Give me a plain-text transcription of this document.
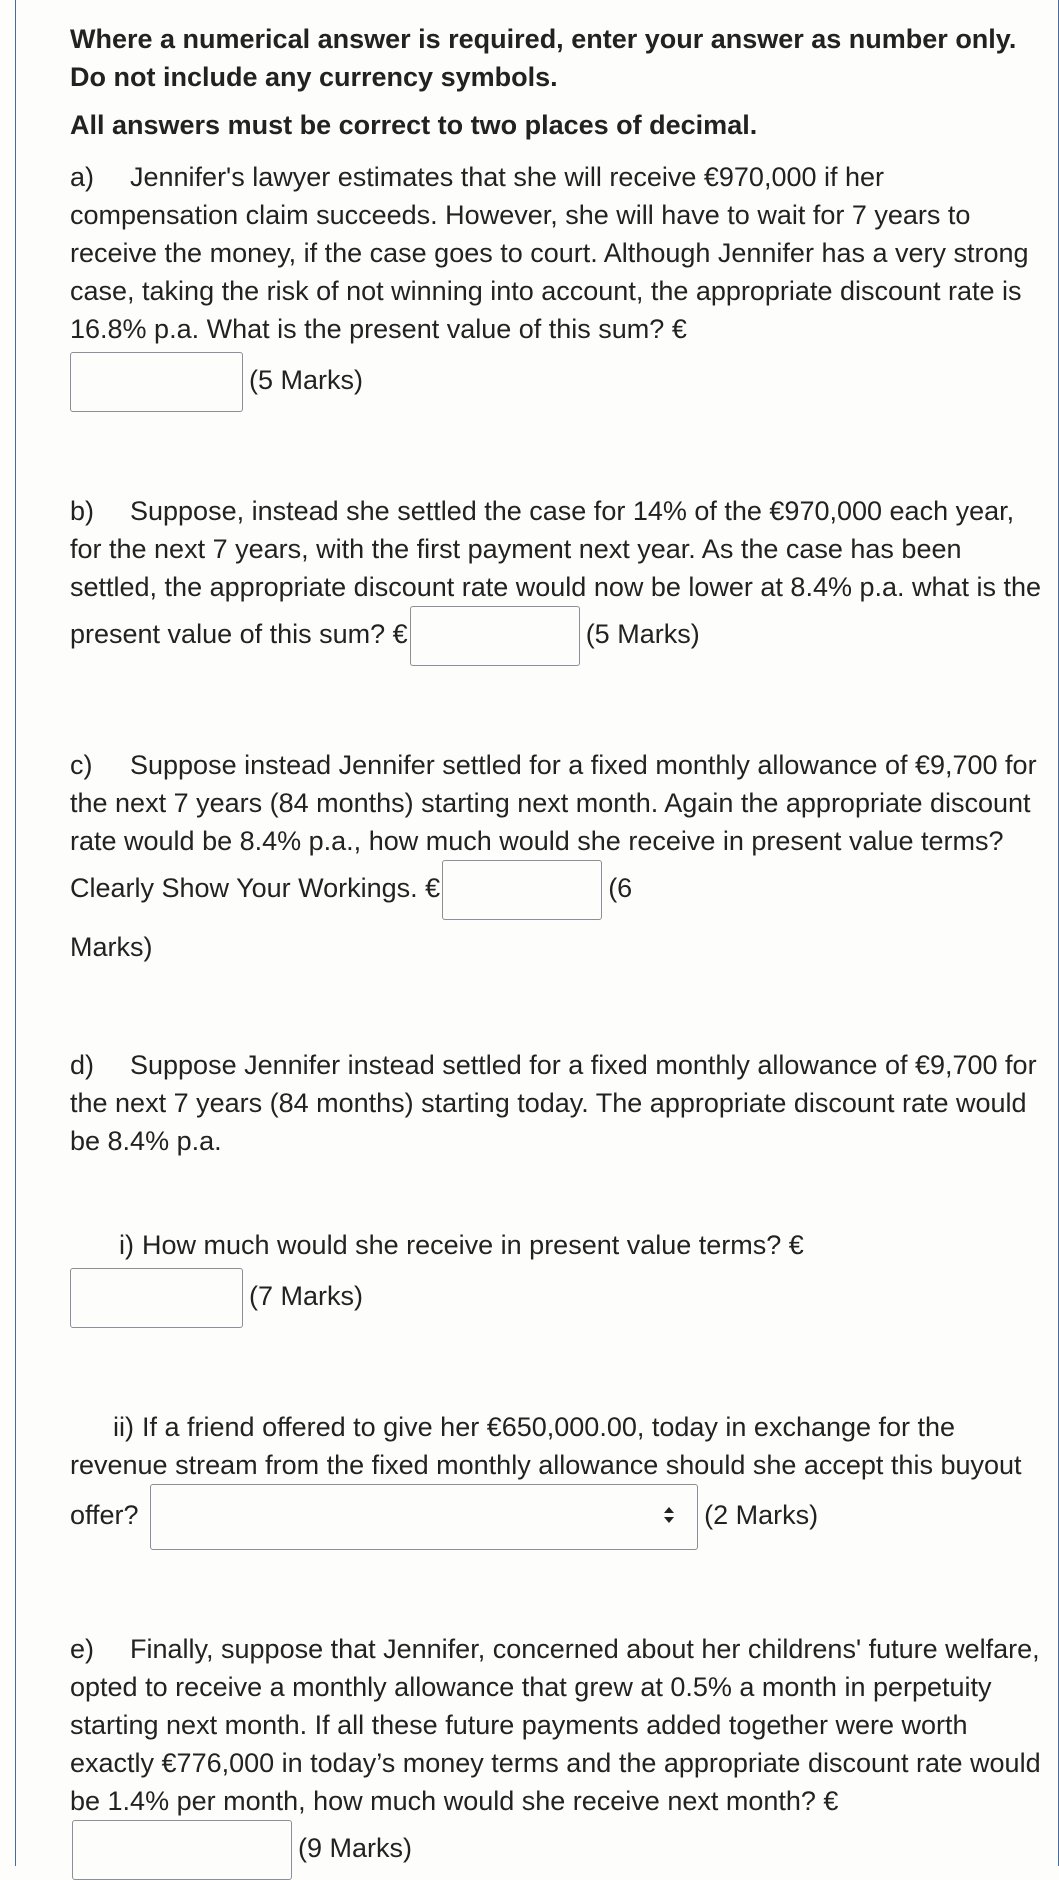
Where a numerical answer is required, enter your answer as number only. Do not include any currency symbols.

All answers must be correct to two places of decimal.

a) Jennifer's lawyer estimates that she will receive €970,000 if her compensation claim succeeds. However, she will have to wait for 7 years to receive the money, if the case goes to court. Although Jennifer has a very strong case, taking the risk of not winning into account, the appropriate discount rate is 16.8% p.a. What is the present value of this sum? €
(5 Marks)
b) Suppose, instead she settled the case for 14% of the €970,000 each year, for the next 7 years, with the first payment next year. As the case has been settled, the appropriate discount rate would now be lower at 8.4% p.a. what is the present value of this sum? €	(5 Marks)
c) Suppose instead Jennifer settled for a fixed monthly allowance of €9,700 for the next 7 years (84 months) starting next month. Again the appropriate discount rate would be 8.4% p.a., how much would she receive in present value terms? Clearly Show Your Workings. €	(6
Marks)
d) Suppose Jennifer instead settled for a fixed monthly allowance of €9,700 for the next 7 years (84 months) starting today. The appropriate discount rate would be 8.4% p.a.
i) How much would she receive in present value terms? €
(7 Marks)
ii) If a friend offered to give her €650,000.00, today in exchange for the revenue stream from the fixed monthly allowance should she accept this buyout offer?	(2 Marks)
e) Finally, suppose that Jennifer, concerned about her childrens' future welfare, opted to receive a monthly allowance that grew at 0.5% a month in perpetuity starting next month. If all these future payments added together were worth exactly €776,000 in today’s money terms and the appropriate discount rate would be 1.4% per month, how much would she receive next month? €(9 Marks)
